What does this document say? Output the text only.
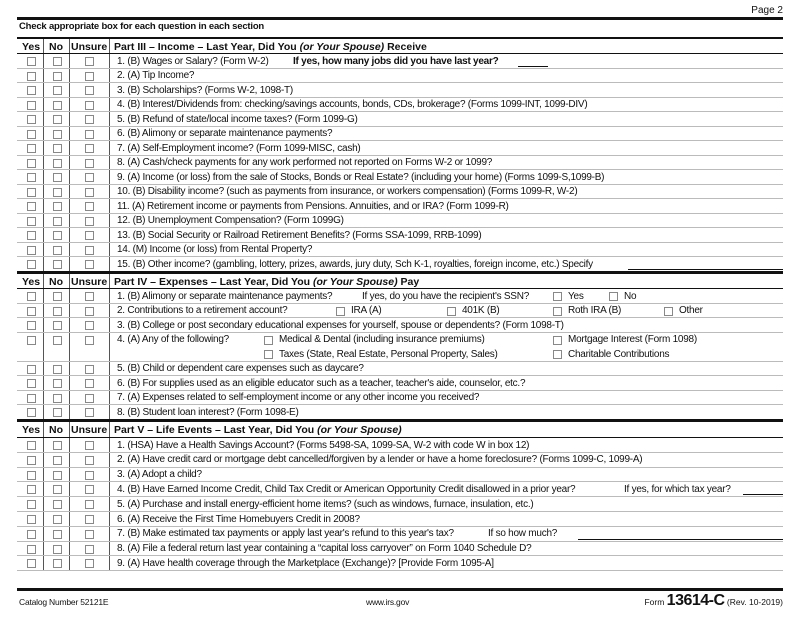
Page 2
Check appropriate box for each question in each section
Yes No Unsure Part III – Income – Last Year, Did You (or Your Spouse) Receive
1. (B) Wages or Salary? (Form W-2) If yes, how many jobs did you have last year?
2. (A) Tip Income?
3. (B) Scholarships? (Forms W-2, 1098-T)
4. (B) Interest/Dividends from: checking/savings accounts, bonds, CDs, brokerage? (Forms 1099-INT, 1099-DIV)
5. (B) Refund of state/local income taxes? (Form 1099-G)
6. (B) Alimony or separate maintenance payments?
7. (A) Self-Employment income? (Form 1099-MISC, cash)
8. (A) Cash/check payments for any work performed not reported on Forms W-2 or 1099?
9. (A) Income (or loss) from the sale of Stocks, Bonds or Real Estate? (including your home) (Forms 1099-S,1099-B)
10. (B) Disability income? (such as payments from insurance, or workers compensation) (Forms 1099-R, W-2)
11. (A) Retirement income or payments from Pensions. Annuities, and or IRA? (Form 1099-R)
12. (B) Unemployment Compensation? (Form 1099G)
13. (B) Social Security or Railroad Retirement Benefits? (Forms SSA-1099, RRB-1099)
14. (M) Income (or loss) from Rental Property?
15. (B) Other income? (gambling, lottery, prizes, awards, jury duty, Sch K-1, royalties, foreign income, etc.) Specify
Yes No Unsure Part IV – Expenses – Last Year, Did You (or Your Spouse) Pay
1. (B) Alimony or separate maintenance payments?	If yes, do you have the recipient's SSN?	Yes	No
2. Contributions to a retirement account?	IRA (A)	401K (B)	Roth IRA (B)	Other
3. (B) College or post secondary educational expenses for yourself, spouse or dependents? (Form 1098-T)
4. (A) Any of the following?	Medical & Dental (including insurance premiums)	Mortgage Interest (Form 1098)
Taxes (State, Real Estate, Personal Property, Sales)	Charitable Contributions
5. (B) Child or dependent care expenses such as daycare?
6. (B) For supplies used as an eligible educator such as a teacher, teacher's aide, counselor, etc.?
7. (A) Expenses related to self-employment income or any other income you received?
8. (B) Student loan interest? (Form 1098-E)
Yes No Unsure Part V – Life Events – Last Year, Did You (or Your Spouse)
1. (HSA) Have a Health Savings Account? (Forms 5498-SA, 1099-SA, W-2 with code W in box 12)
2. (A) Have credit card or mortgage debt cancelled/forgiven by a lender or have a home foreclosure? (Forms 1099-C, 1099-A)
3. (A) Adopt a child?
4. (B) Have Earned Income Credit, Child Tax Credit or American Opportunity Credit disallowed in a prior year?	If yes, for which tax year?
5. (A) Purchase and install energy-efficient home items? (such as windows, furnace, insulation, etc.)
6. (A) Receive the First Time Homebuyers Credit in 2008?
7. (B) Make estimated tax payments or apply last year's refund to this year's tax?	If so how much?
8. (A) File a federal return last year containing a “capital loss carryover” on Form 1040 Schedule D?
9. (A) Have health coverage through the Marketplace (Exchange)? [Provide Form 1095-A]
Catalog Number 52121E	www.irs.gov	Form 13614-C (Rev. 10-2019)
